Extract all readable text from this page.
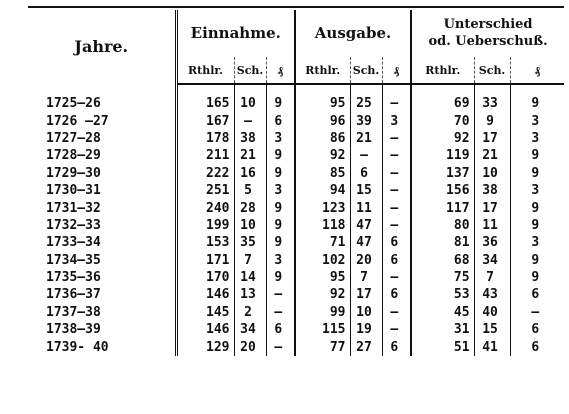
Jahre.	Einnahme.			Ausgabe.			Unterschied
od. Ueberschuß.		
	Rthlr.	Sch.	₰	Rthlr.	Sch.	₰	Rthlr.	Sch.	₰

1725—26	165	10	9	95	25	—	69	33	9
1726 —27	167	—	6	96	39	3	70	9	3
1727—28	178	38	3	86	21	—	92	17	3
1728—29	211	21	9	92	—	—	119	21	9
1729—30	222	16	9	85	6	—	137	10	9
1730—31	251	5	3	94	15	—	156	38	3
1731—32	240	28	9	123	11	—	117	17	9
1732—33	199	10	9	118	47	—	80	11	9
1733—34	153	35	9	71	47	6	81	36	3
1734—35	171	7	3	102	20	6	68	34	9
1735—36	170	14	9	95	7	—	75	7	9
1736—37	146	13	—	92	17	6	53	43	6
1737—38	145	2	—	99	10	—	45	40	—
1738—39	146	34	6	115	19	—	31	15	6
1739- 40	129	20	—	77	27	6	51	41	6
